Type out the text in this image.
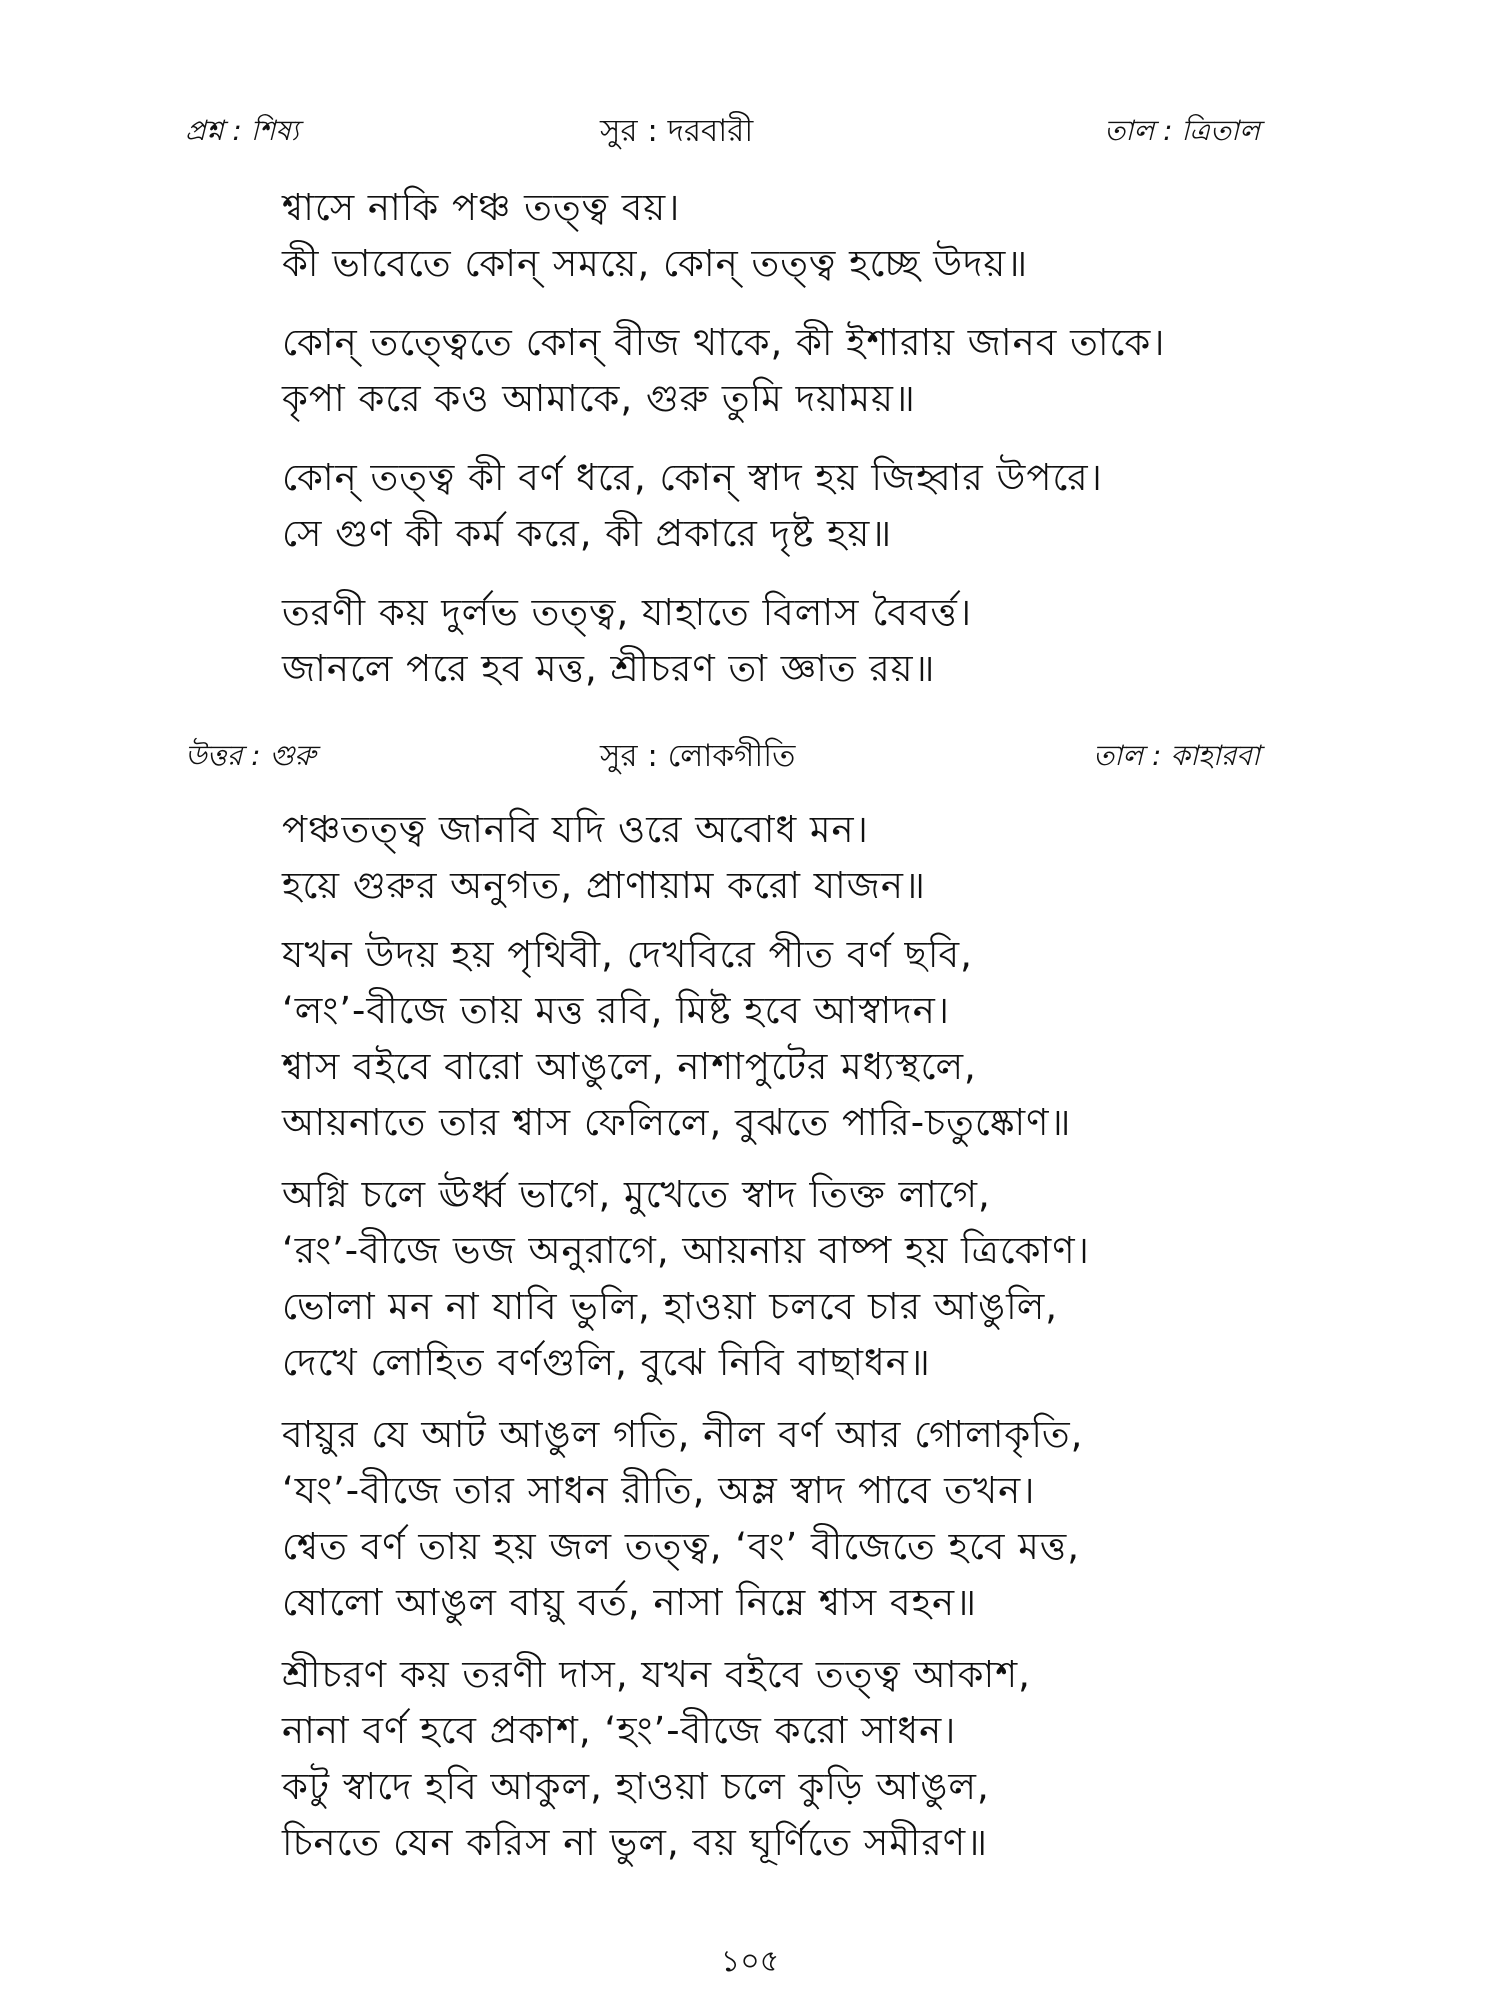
প্রশ্ন : শিষ্য	সুর : দরবারী	তাল : ত্রিতাল
শ্বাসে নাকি পঞ্চ তত্ত্ব বয়।
কী ভাবেতে কোন্ সময়ে, কোন্ তত্ত্ব হচ্ছে উদয়॥
কোন্ তত্ত্বেতে কোন্ বীজ থাকে, কী ইশারায় জানব তাকে।
কৃপা করে কও আমাকে, গুরু তুমি দয়াময়॥
কোন্ তত্ত্ব কী বর্ণ ধরে, কোন্ স্বাদ হয় জিহ্বার উপরে।
সে গুণ কী কর্ম করে, কী প্রকারে দৃষ্ট হয়॥
তরণী কয় দুর্লভ তত্ত্ব, যাহাতে বিলাস বৈবর্ত্ত।
জানলে পরে হব মত্ত, শ্রীচরণ তা জ্ঞাত রয়॥
উত্তর : গুরু	সুর : লোকগীতি	তাল : কাহারবা
পঞ্চতত্ত্ব জানবি যদি ওরে অবোধ মন।
হয়ে গুরুর অনুগত, প্রাণায়াম করো যাজন॥
যখন উদয় হয় পৃথিবী, দেখবিরে পীত বর্ণ ছবি,
‘লং’-বীজে তায় মত্ত রবি, মিষ্ট হবে আস্বাদন।
শ্বাস বইবে বারো আঙুলে, নাশাপুটের মধ্যস্থলে,
আয়নাতে তার শ্বাস ফেলিলে, বুঝতে পারি-চতুষ্কোণ॥
অগ্নি চলে ঊর্ধ্ব ভাগে, মুখেতে স্বাদ তিক্ত লাগে,
‘রং’-বীজে ভজ অনুরাগে, আয়নায় বাষ্প হয় ত্রিকোণ।
ভোলা মন না যাবি ভুলি, হাওয়া চলবে চার আঙুলি,
দেখে লোহিত বর্ণগুলি, বুঝে নিবি বাছাধন॥
বায়ুর যে আট আঙুল গতি, নীল বর্ণ আর গোলাকৃতি,
‘যং’-বীজে তার সাধন রীতি, অম্ল স্বাদ পাবে তখন।
শ্বেত বর্ণ তায় হয় জল তত্ত্ব, ‘বং’ বীজেতে হবে মত্ত,
ষোলো আঙুল বায়ু বর্ত, নাসা নিম্নে শ্বাস বহন॥
শ্রীচরণ কয় তরণী দাস, যখন বইবে তত্ত্ব আকাশ,
নানা বর্ণ হবে প্রকাশ, ‘হং’-বীজে করো সাধন।
কটু স্বাদে হবি আকুল, হাওয়া চলে কুড়ি আঙুল,
চিনতে যেন করিস না ভুল, বয় ঘূর্ণিতে সমীরণ॥
১০৫
